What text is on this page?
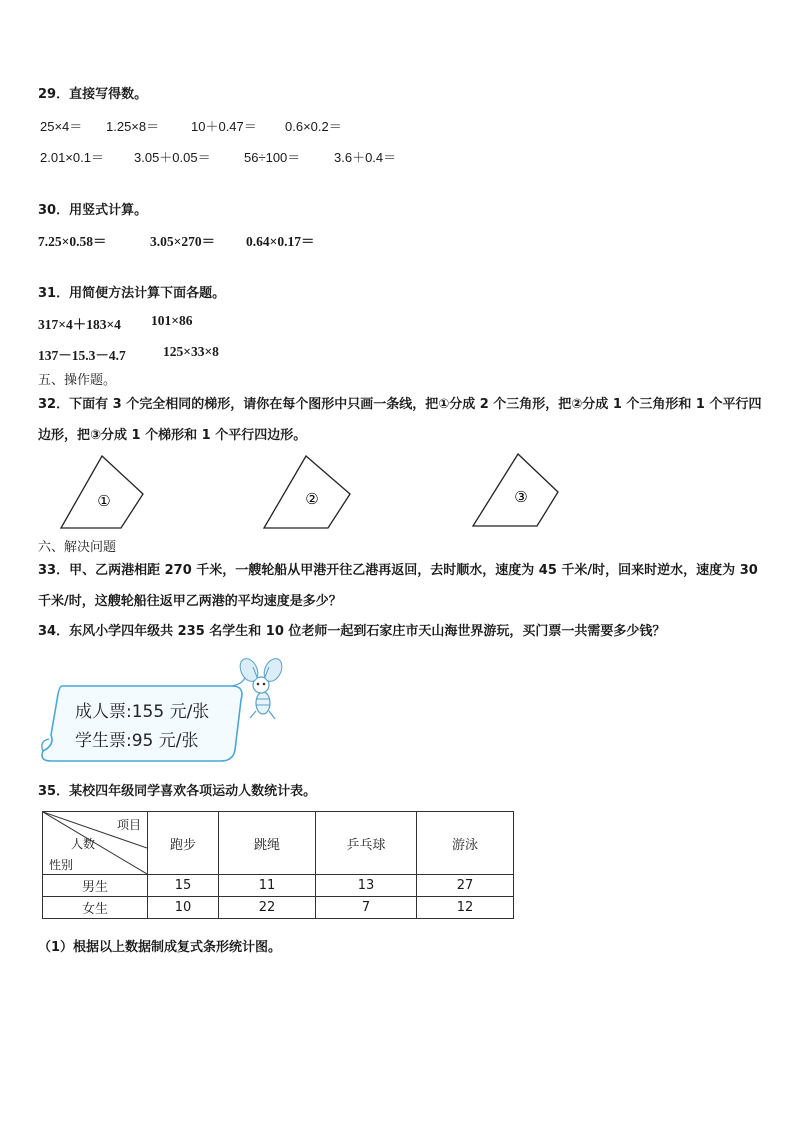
29．直接写得数。
25×4＝ 1.25×8＝ 10＋0.47＝ 0.6×0.2＝
2.01×0.1＝ 3.05＋0.05＝	56÷100＝	3.6＋0.4＝
30．用竖式计算。
7.25×0.58＝	3.05×270＝ 0.64×0.17＝
31．用简便方法计算下面各题。
317×4＋183×4 101×86
137－15.3－4.7	125×33×8
五、操作题。
32．下面有 3 个完全相同的梯形，请你在每个图形中只画一条线，把①分成 2 个三角形，把②分成 1 个三角形和 1 个平行四边形，把③分成 1 个梯形和 1 个平行四边形。
①	②	③
六、解决问题
33．甲、乙两港相距 270 千米，一艘轮船从甲港开往乙港再返回，去时顺水，速度为 45 千米/时，回来时逆水，速度为 30 千米/时，这艘轮船往返甲乙两港的平均速度是多少？
34．东风小学四年级共 235 名学生和 10 位老师一起到石家庄市天山海世界游玩，买门票一共需要多少钱？
成人票:155 元/张
学生票:95 元/张
35．某校四年级同学喜欢各项运动人数统计表。
项目
人数
性别	跑步	跳绳	乒乓球	游泳
男生	15	11	13	27
女生	10	22	7	12
（1）根据以上数据制成复式条形统计图。
